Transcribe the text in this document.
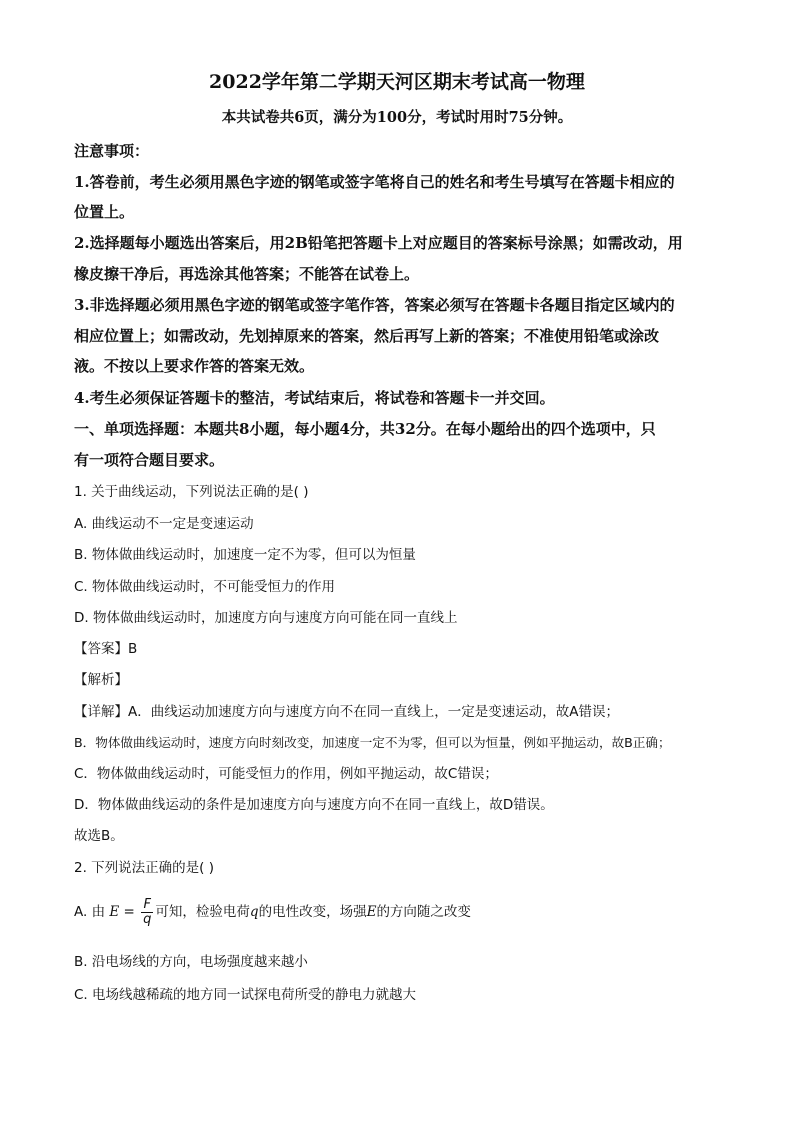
2022学年第二学期天河区期末考试高一物理
本共试卷共6页，满分为100分，考试时用时75分钟。
注意事项：
1.答卷前，考生必须用黑色字迹的钢笔或签字笔将自己的姓名和考生号填写在答题卡相应的
位置上。
2.选择题每小题选出答案后，用2B铅笔把答题卡上对应题目的答案标号涂黑；如需改动，用
橡皮擦干净后，再选涂其他答案；不能答在试卷上。
3.非选择题必须用黑色字迹的钢笔或签字笔作答，答案必须写在答题卡各题目指定区域内的
相应位置上；如需改动，先划掉原来的答案，然后再写上新的答案；不准使用铅笔或涂改
液。不按以上要求作答的答案无效。
4.考生必须保证答题卡的整洁，考试结束后，将试卷和答题卡一并交回。
一、单项选择题：本题共8小题，每小题4分，共32分。在每小题给出的四个选项中，只
有一项符合题目要求。
1. 关于曲线运动，下列说法正确的是( )
A. 曲线运动不一定是变速运动
B. 物体做曲线运动时，加速度一定不为零，但可以为恒量
C. 物体做曲线运动时，不可能受恒力的作用
D. 物体做曲线运动时，加速度方向与速度方向可能在同一直线上
【答案】B
【解析】
【详解】A．曲线运动加速度方向与速度方向不在同一直线上，一定是变速运动，故A错误；
B．物体做曲线运动时，速度方向时刻改变，加速度一定不为零，但可以为恒量，例如平抛运动，故B正确；
C．物体做曲线运动时，可能受恒力的作用，例如平抛运动，故C错误；
D．物体做曲线运动的条件是加速度方向与速度方向不在同一直线上，故D错误。
故选B。
2. 下列说法正确的是( )
A. 由 $E = \frac{F}{q}$ 可知，检验电荷q的电性改变，场强E的方向随之改变
B. 沿电场线的方向，电场强度越来越小
C. 电场线越稀疏的地方同一试探电荷所受的静电力就越大
